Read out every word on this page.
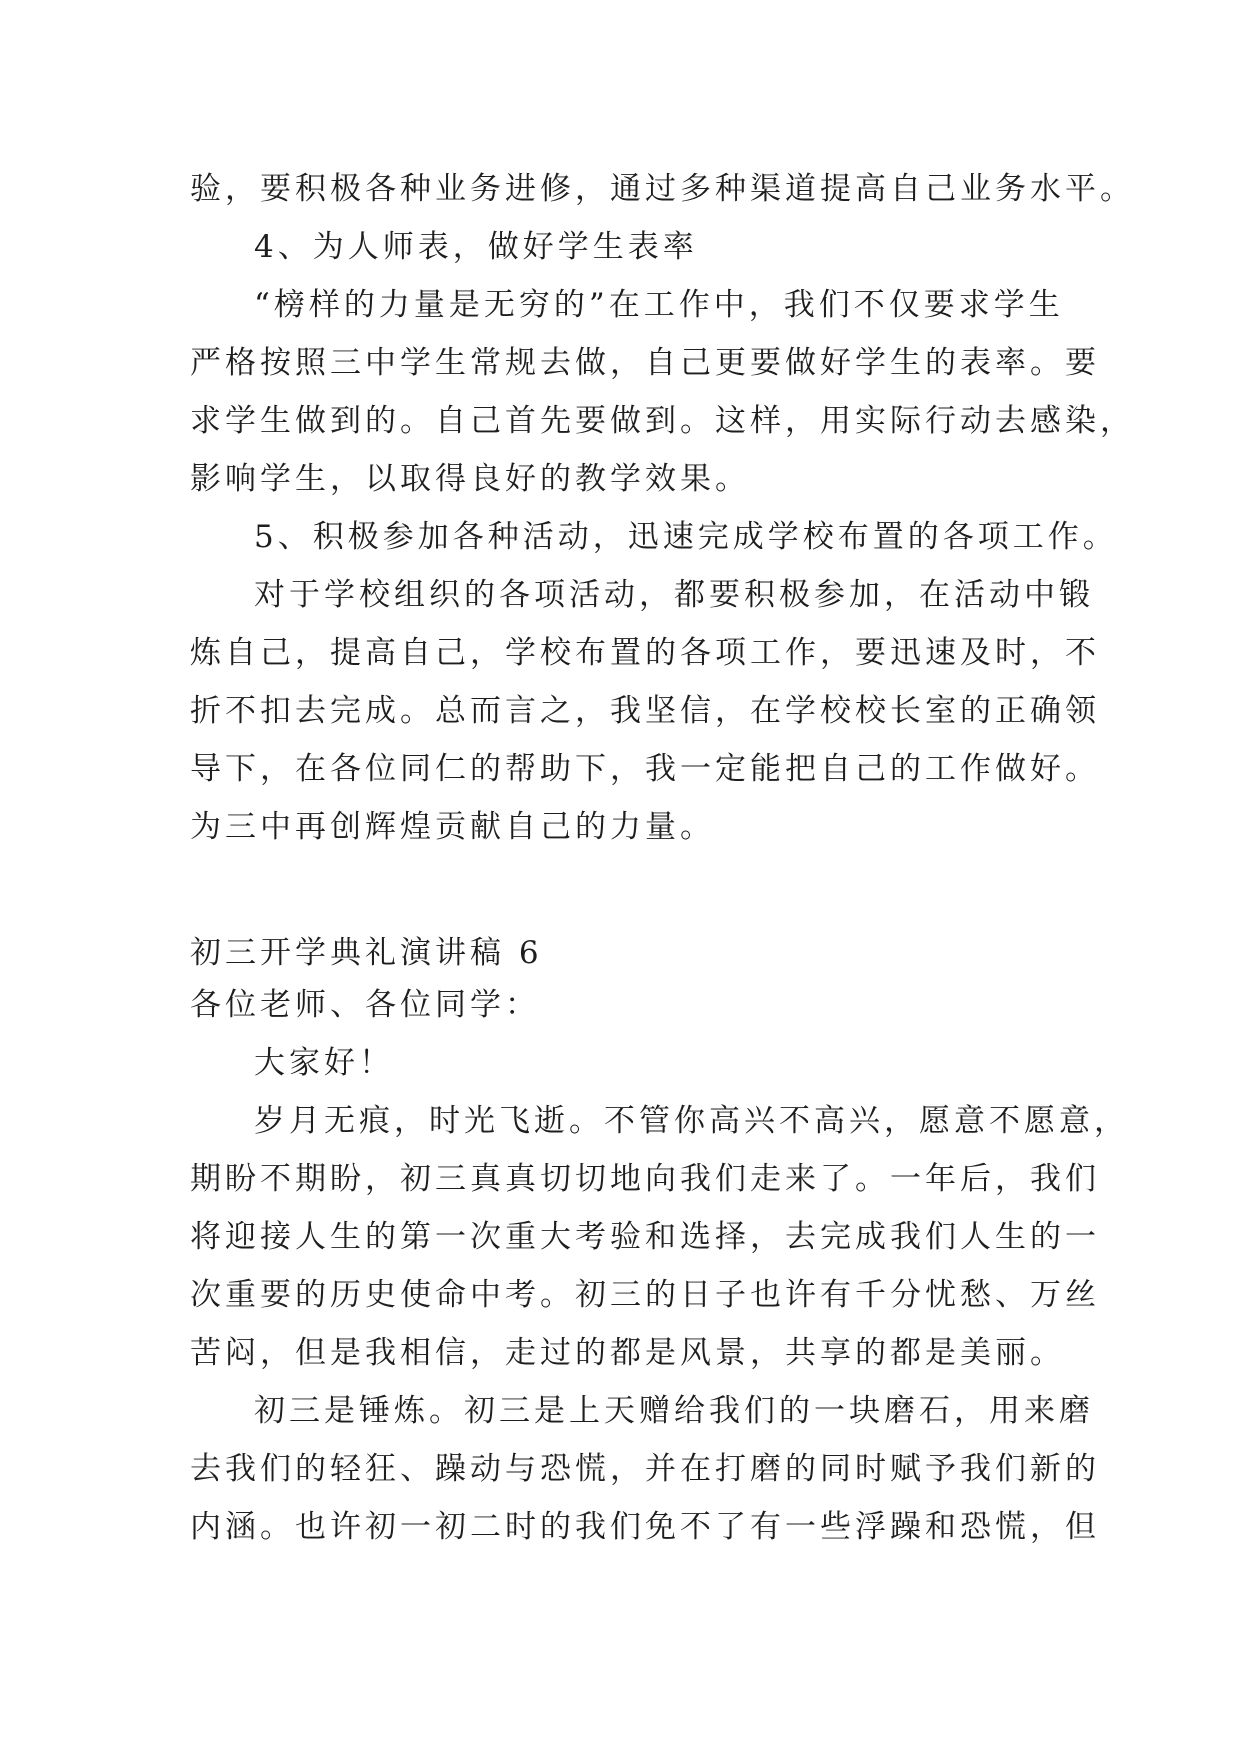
验，要积极各种业务进修，通过多种渠道提高自己业务水平。
4、为人师表，做好学生表率
“榜样的力量是无穷的”在工作中，我们不仅要求学生
严格按照三中学生常规去做，自己更要做好学生的表率。要
求学生做到的。自己首先要做到。这样，用实际行动去感染，
影响学生，以取得良好的教学效果。
5、积极参加各种活动，迅速完成学校布置的各项工作。
对于学校组织的各项活动，都要积极参加，在活动中锻
炼自己，提高自己，学校布置的各项工作，要迅速及时，不
折不扣去完成。总而言之，我坚信，在学校校长室的正确领
导下，在各位同仁的帮助下，我一定能把自己的工作做好。
为三中再创辉煌贡献自己的力量。
初三开学典礼演讲稿 6
各位老师、各位同学：
大家好！
岁月无痕，时光飞逝。不管你高兴不高兴，愿意不愿意，
期盼不期盼，初三真真切切地向我们走来了。一年后，我们
将迎接人生的第一次重大考验和选择，去完成我们人生的一
次重要的历史使命中考。初三的日子也许有千分忧愁、万丝
苦闷，但是我相信，走过的都是风景，共享的都是美丽。
初三是锤炼。初三是上天赠给我们的一块磨石，用来磨
去我们的轻狂、躁动与恐慌，并在打磨的同时赋予我们新的
内涵。也许初一初二时的我们免不了有一些浮躁和恐慌，但
